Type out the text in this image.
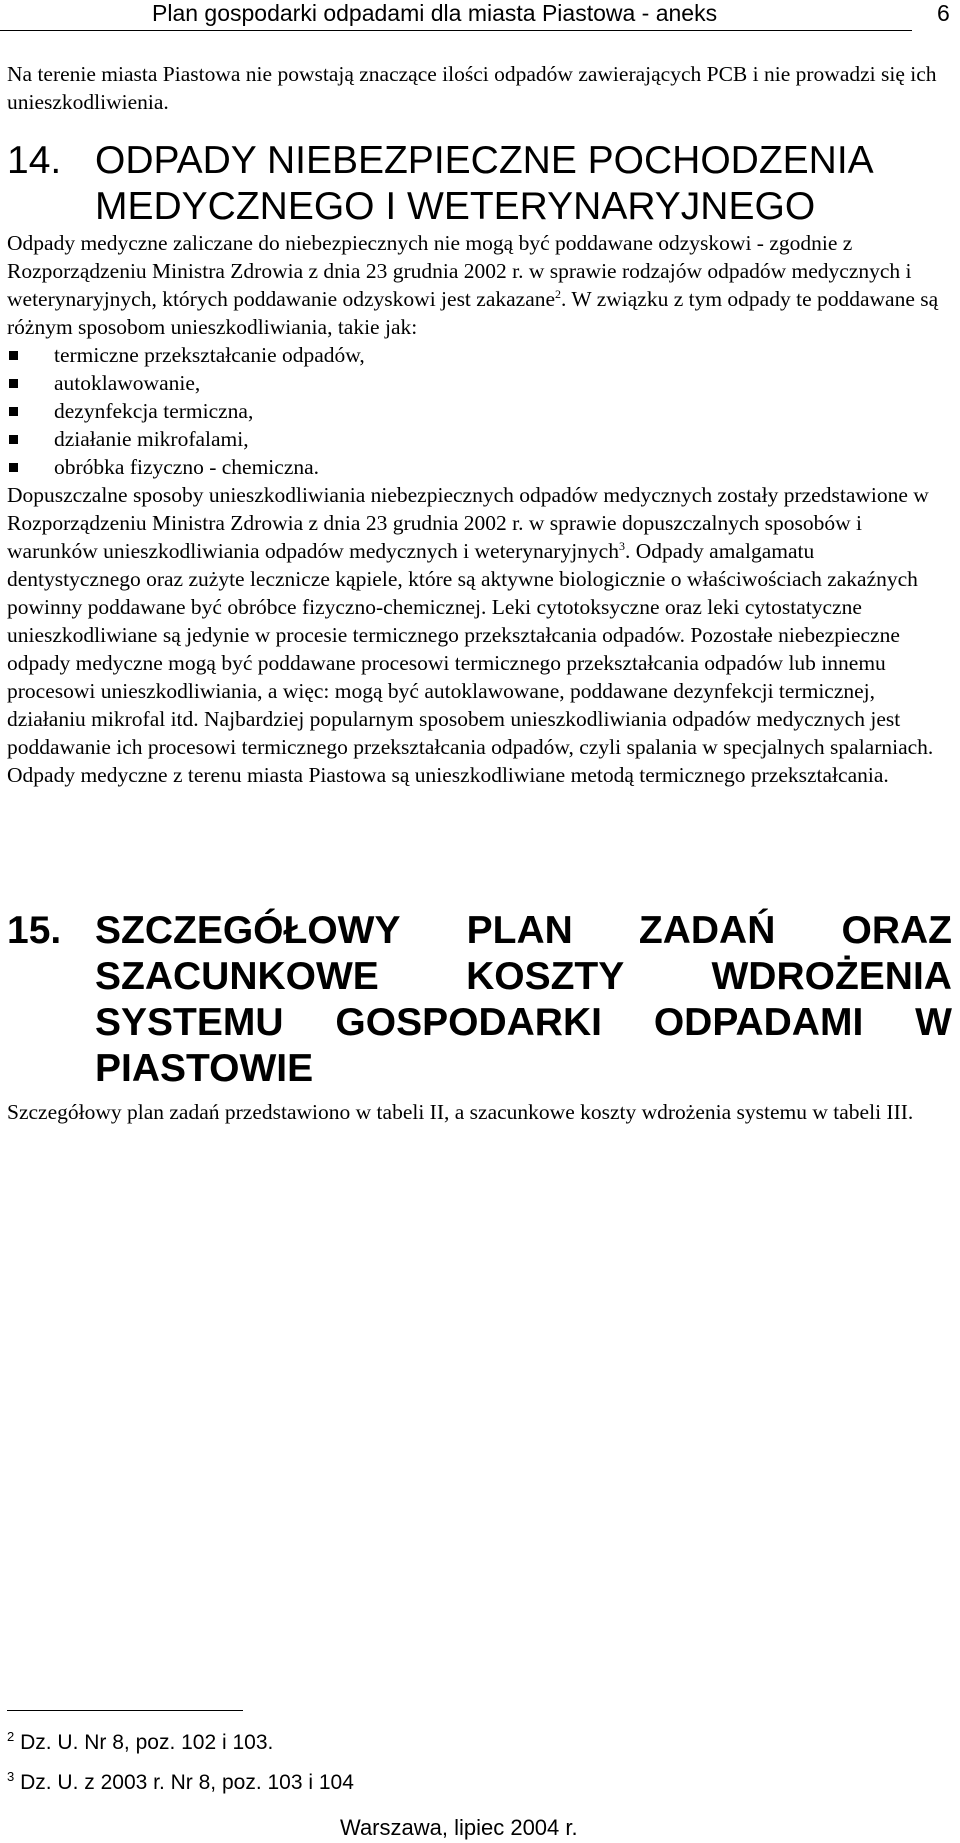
Plan gospodarki odpadami dla miasta Piastowa - aneks	6

Na terenie miasta Piastowa nie powstają znaczące ilości odpadów zawierających PCB i nie prowadzi się ich unieszkodliwienia.

14. ODPADY NIEBEZPIECZNE POCHODZENIA MEDYCZNEGO I WETERYNARYJNEGO

Odpady medyczne zaliczane do niebezpiecznych nie mogą być poddawane odzyskowi - zgodnie z Rozporządzeniu Ministra Zdrowia z dnia 23 grudnia 2002 r. w sprawie rodzajów odpadów medycznych i weterynaryjnych, których poddawanie odzyskowi jest zakazane$^2$. W związku z tym odpady te poddawane są różnym sposobom unieszkodliwiania, takie jak:

termiczne przekształcanie odpadów,
autoklawowanie,
dezynfekcja termiczna,
działanie mikrofalami,
obróbka fizyczno - chemiczna.

Dopuszczalne sposoby unieszkodliwiania niebezpiecznych odpadów medycznych zostały przedstawione w Rozporządzeniu Ministra Zdrowia z dnia 23 grudnia 2002 r. w sprawie dopuszczalnych sposobów i warunków unieszkodliwiania odpadów medycznych i weterynaryjnych$^3$. Odpady amalgamatu dentystycznego oraz zużyte lecznicze kąpiele, które są aktywne biologicznie o właściwościach zakaźnych powinny poddawane być obróbce fizyczno-chemicznej. Leki cytotoksyczne oraz leki cytostatyczne unieszkodliwiane są jedynie w procesie termicznego przekształcania odpadów. Pozostałe niebezpieczne odpady medyczne mogą być poddawane procesowi termicznego przekształcania odpadów lub innemu procesowi unieszkodliwiania, a więc: mogą być autoklawowane, poddawane dezynfekcji termicznej, działaniu mikrofal itd. Najbardziej popularnym sposobem unieszkodliwiania odpadów medycznych jest poddawanie ich procesowi termicznego przekształcania odpadów, czyli spalania w specjalnych spalarniach.

Odpady medyczne z terenu miasta Piastowa są unieszkodliwiane metodą termicznego przekształcania.

15. SZCZEGÓŁOWY PLAN ZADAŃ ORAZ
SZACUNKOWE KOSZTY WDROŻENIA
SYSTEMU GOSPODARKI ODPADAMI W
PIASTOWIE

Szczegółowy plan zadań przedstawiono w tabeli II, a szacunkowe koszty wdrożenia systemu w tabeli III.

$^2$ Dz. U. Nr 8, poz. 102 i 103.
$^3$ Dz. U. z 2003 r. Nr 8, poz. 103 i 104
Warszawa, lipiec 2004 r.
